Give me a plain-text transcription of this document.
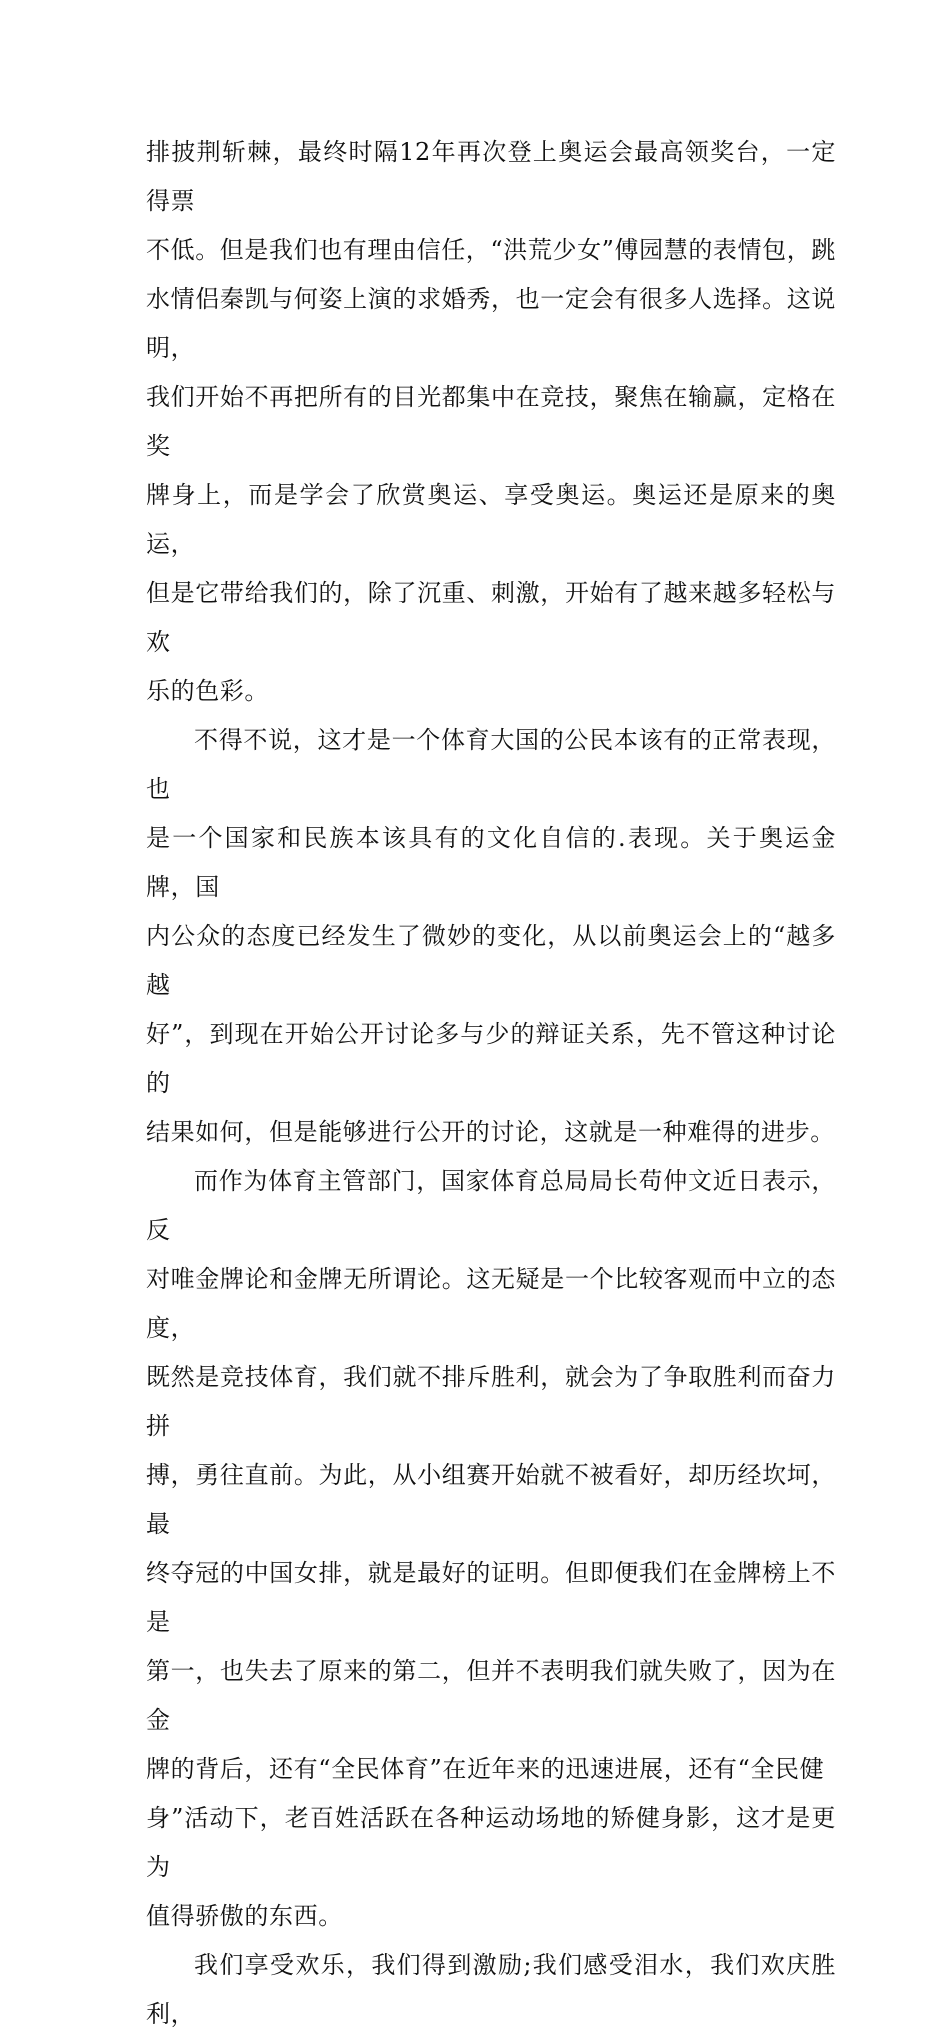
排披荆斩棘，最终时隔12年再次登上奥运会最高领奖台，一定得票
不低。但是我们也有理由信任，“洪荒少女”傅园慧的表情包，跳
水情侣秦凯与何姿上演的求婚秀，也一定会有很多人选择。这说明，
我们开始不再把所有的目光都集中在竞技，聚焦在输赢，定格在奖
牌身上，而是学会了欣赏奥运、享受奥运。奥运还是原来的奥运，
但是它带给我们的，除了沉重、刺激，开始有了越来越多轻松与欢
乐的色彩。

不得不说，这才是一个体育大国的公民本该有的正常表现，也
是一个国家和民族本该具有的文化自信的.表现。关于奥运金牌，国
内公众的态度已经发生了微妙的变化，从以前奥运会上的“越多越
好”，到现在开始公开讨论多与少的辩证关系，先不管这种讨论的
结果如何，但是能够进行公开的讨论，这就是一种难得的进步。

而作为体育主管部门，国家体育总局局长苟仲文近日表示，反
对唯金牌论和金牌无所谓论。这无疑是一个比较客观而中立的态度，
既然是竞技体育，我们就不排斥胜利，就会为了争取胜利而奋力拼
搏，勇往直前。为此，从小组赛开始就不被看好，却历经坎坷，最
终夺冠的中国女排，就是最好的证明。但即便我们在金牌榜上不是
第一，也失去了原来的第二，但并不表明我们就失败了，因为在金
牌的背后，还有“全民体育”在近年来的迅速进展，还有“全民健
身”活动下，老百姓活跃在各种运动场地的矫健身影，这才是更为
值得骄傲的东西。

我们享受欢乐，我们得到激励;我们感受泪水，我们欢庆胜利，
